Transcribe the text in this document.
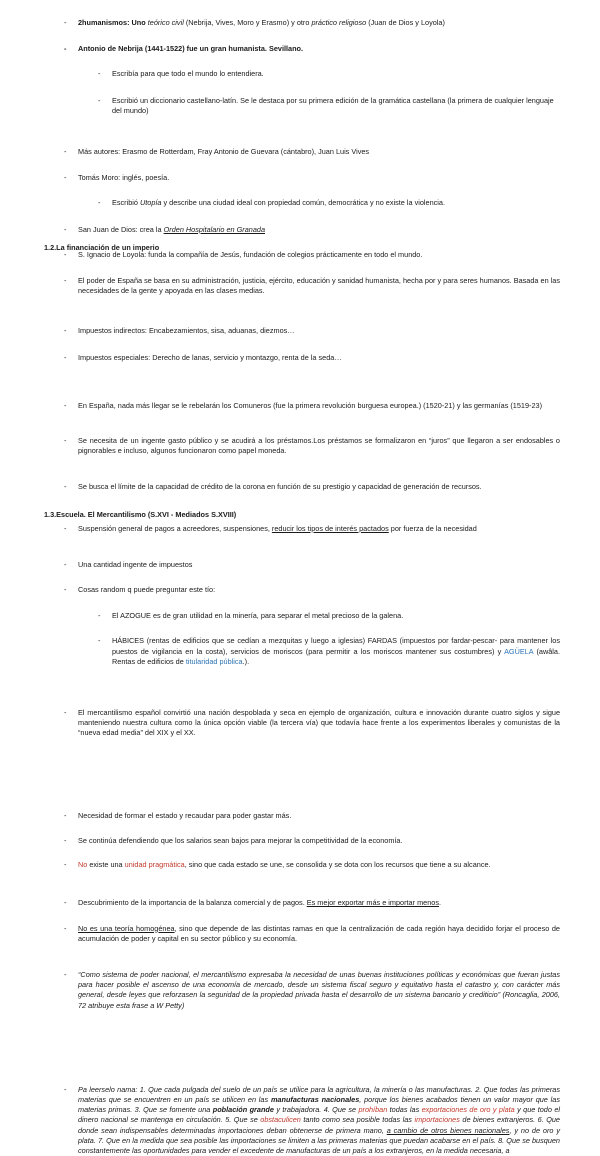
- 2humanismos: Uno teórico civil (Nebrija, Vives, Moro y Erasmo) y otro práctico religioso (Juan de Dios y Loyola)
- Antonio de Nebrija (1441-1522) fue un gran humanista. Sevillano.
- Escribía para que todo el mundo lo entendiera.
- Escribió un diccionario castellano-latín. Se le destaca por su primera edición de la gramática castellana (la primera de cualquier lenguaje del mundo)
- Más autores: Erasmo de Rotterdam, Fray Antonio de Guevara (cántabro), Juan Luis Vives
- Tomás Moro: inglés, poesía.
- Escribió Utopía y describe una ciudad ideal con propiedad común, democrática y no existe la violencia.
- San Juan de Dios: crea la Orden Hospitalario en Granada
- S. Ignacio de Loyola: funda la compañía de Jesús, fundación de colegios prácticamente en todo el mundo.
- El poder de España se basa en su administración, justicia, ejército, educación y sanidad humanista, hecha por y para seres humanos. Basada en las necesidades de la gente y apoyada en las clases medias.
- Impuestos indirectos: Encabezamientos, sisa, aduanas, diezmos…
- Impuestos especiales: Derecho de lanas, servicio y montazgo, renta de la seda…
1.2.La financiación de un imperio
- En España, nada más llegar se le rebelarán los Comuneros (fue la primera revolución burguesa europea.) (1520-21) y las germanías (1519-23)
- Se necesita de un ingente gasto público y se acudirá a los préstamos.Los préstamos se formalizaron en “juros” que llegaron a ser endosables o pignorables e incluso, algunos funcionaron como papel moneda.
- Se busca el límite de la capacidad de crédito de la corona en función de su prestigio y capacidad de generación de recursos.
- Suspensión general de pagos a acreedores, suspensiones, reducir los tipos de interés pactados por fuerza de la necesidad
- Una cantidad ingente de impuestos
- Cosas random q puede preguntar este tío:
- El AZOGUE es de gran utilidad en la minería, para separar el metal precioso de la galena.
- HÁBICES (rentas de edificios que se cedían a mezquitas y luego a iglesias) FARDAS (impuestos por fardar-pescar- para mantener los puestos de vigilancia en la costa), servicios de moriscos (para permitir a los moriscos mantener sus costumbres) y AGÜELA (awâla. Rentas de edificios de titularidad pública.).
- El mercantilismo español convirtió una nación despoblada y seca en ejemplo de organización, cultura e innovación durante cuatro siglos y sigue manteniendo nuestra cultura como la única opción viable (la tercera vía) que todavía hace frente a los experimentos liberales y comunistas de la “nueva edad media” del XIX y el XX.
1.3.Escuela. El Mercantilismo (S.XVI - Mediados S.XVIII)
- Necesidad de formar el estado y recaudar para poder gastar más.
- Se continúa defendiendo que los salarios sean bajos para mejorar la competitividad de la economía.
- No existe una unidad pragmática, sino que cada estado se une, se consolida y se dota con los recursos que tiene a su alcance.
- Descubrimiento de la importancia de la balanza comercial y de pagos. Es mejor exportar más e importar menos.
- No es una teoría homogénea, sino que depende de las distintas ramas en que la centralización de cada región haya decidido forjar el proceso de acumulación de poder y capital en su sector público y su economía.
- “Como sistema de poder nacional, el mercantilismo expresaba la necesidad de unas buenas instituciones políticas y económicas que fueran justas para hacer posible el ascenso de una economía de mercado, desde un sistema fiscal seguro y equitativo hasta el catastro y, con carácter más general, desde leyes que reforzasen la seguridad de la propiedad privada hasta el desarrollo de un sistema bancario y crediticio” (Roncaglia, 2006, 72 atribuye esta frase a W Petty)
- Pa leerselo nama: 1. Que cada pulgada del suelo de un país se utilice para la agricultura, la minería o las manufacturas. 2. Que todas las primeras materias que se encuentren en un país se utilicen en las manufacturas nacionales, porque los bienes acabados tienen un valor mayor que las materias primas. 3. Que se fomente una población grande y trabajadora. 4. Que se prohíban todas las exportaciones de oro y plata y que todo el dinero nacional se mantenga en circulación. 5. Que se obstaculicen tanto como sea posible todas las importaciones de bienes extranjeros. 6. Que donde sean indispensables determinadas importaciones deban obtenerse de primera mano, a cambio de otros bienes nacionales, y no de oro y plata. 7. Que en la medida que sea posible las importaciones se limiten a las primeras materias que puedan acabarse en el país. 8. Que se busquen constantemente las oportunidades para vender el excedente de manufacturas de un país a los extranjeros, en la medida necesaria, a
